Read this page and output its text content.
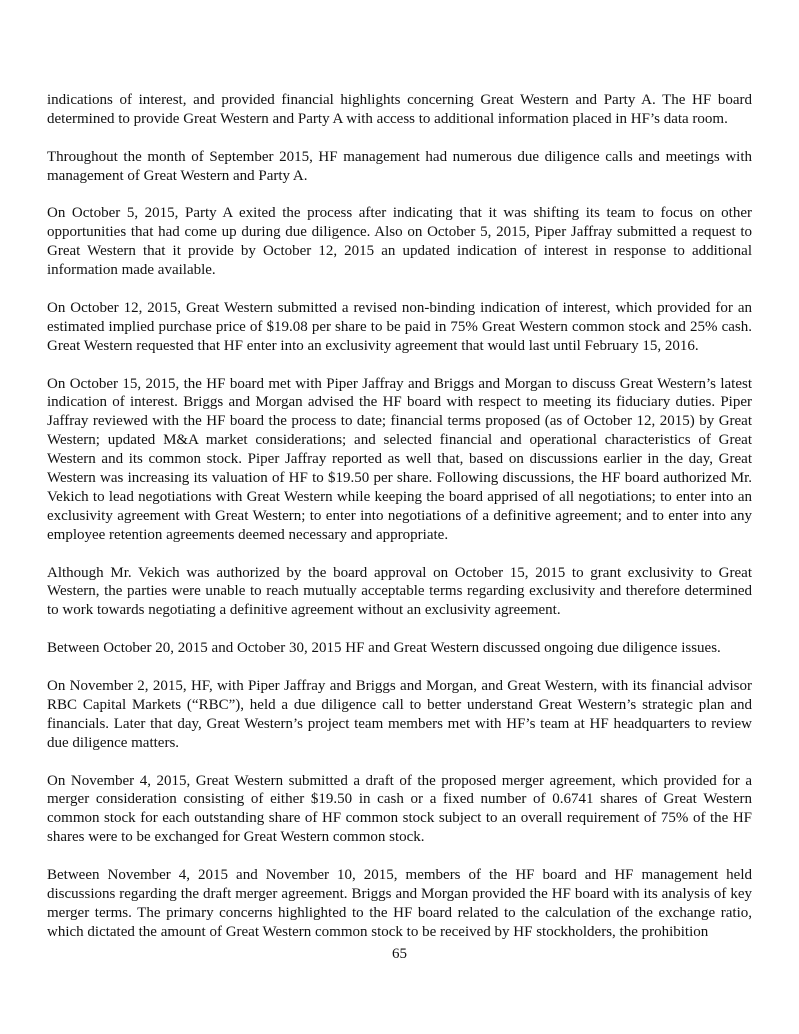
indications of interest, and provided financial highlights concerning Great Western and Party A. The HF board determined to provide Great Western and Party A with access to additional information placed in HF’s data room.

Throughout the month of September 2015, HF management had numerous due diligence calls and meetings with management of Great Western and Party A.

On October 5, 2015, Party A exited the process after indicating that it was shifting its team to focus on other opportunities that had come up during due diligence. Also on October 5, 2015, Piper Jaffray submitted a request to Great Western that it provide by October 12, 2015 an updated indication of interest in response to additional information made available.

On October 12, 2015, Great Western submitted a revised non-binding indication of interest, which provided for an estimated implied purchase price of $19.08 per share to be paid in 75% Great Western common stock and 25% cash. Great Western requested that HF enter into an exclusivity agreement that would last until February 15, 2016.

On October 15, 2015, the HF board met with Piper Jaffray and Briggs and Morgan to discuss Great Western’s latest indication of interest. Briggs and Morgan advised the HF board with respect to meeting its fiduciary duties. Piper Jaffray reviewed with the HF board the process to date; financial terms proposed (as of October 12, 2015) by Great Western; updated M&A market considerations; and selected financial and operational characteristics of Great Western and its common stock. Piper Jaffray reported as well that, based on discussions earlier in the day, Great Western was increasing its valuation of HF to $19.50 per share. Following discussions, the HF board authorized Mr. Vekich to lead negotiations with Great Western while keeping the board apprised of all negotiations; to enter into an exclusivity agreement with Great Western; to enter into negotiations of a definitive agreement; and to enter into any employee retention agreements deemed necessary and appropriate.

Although Mr. Vekich was authorized by the board approval on October 15, 2015 to grant exclusivity to Great Western, the parties were unable to reach mutually acceptable terms regarding exclusivity and therefore determined to work towards negotiating a definitive agreement without an exclusivity agreement.

Between October 20, 2015 and October 30, 2015 HF and Great Western discussed ongoing due diligence issues.

On November 2, 2015, HF, with Piper Jaffray and Briggs and Morgan, and Great Western, with its financial advisor RBC Capital Markets (“RBC”), held a due diligence call to better understand Great Western’s strategic plan and financials. Later that day, Great Western’s project team members met with HF’s team at HF headquarters to review due diligence matters.

On November 4, 2015, Great Western submitted a draft of the proposed merger agreement, which provided for a merger consideration consisting of either $19.50 in cash or a fixed number of 0.6741 shares of Great Western common stock for each outstanding share of HF common stock subject to an overall requirement of 75% of the HF shares were to be exchanged for Great Western common stock.

Between November 4, 2015 and November 10, 2015, members of the HF board and HF management held discussions regarding the draft merger agreement. Briggs and Morgan provided the HF board with its analysis of key merger terms. The primary concerns highlighted to the HF board related to the calculation of the exchange ratio, which dictated the amount of Great Western common stock to be received by HF stockholders, the prohibition

65
